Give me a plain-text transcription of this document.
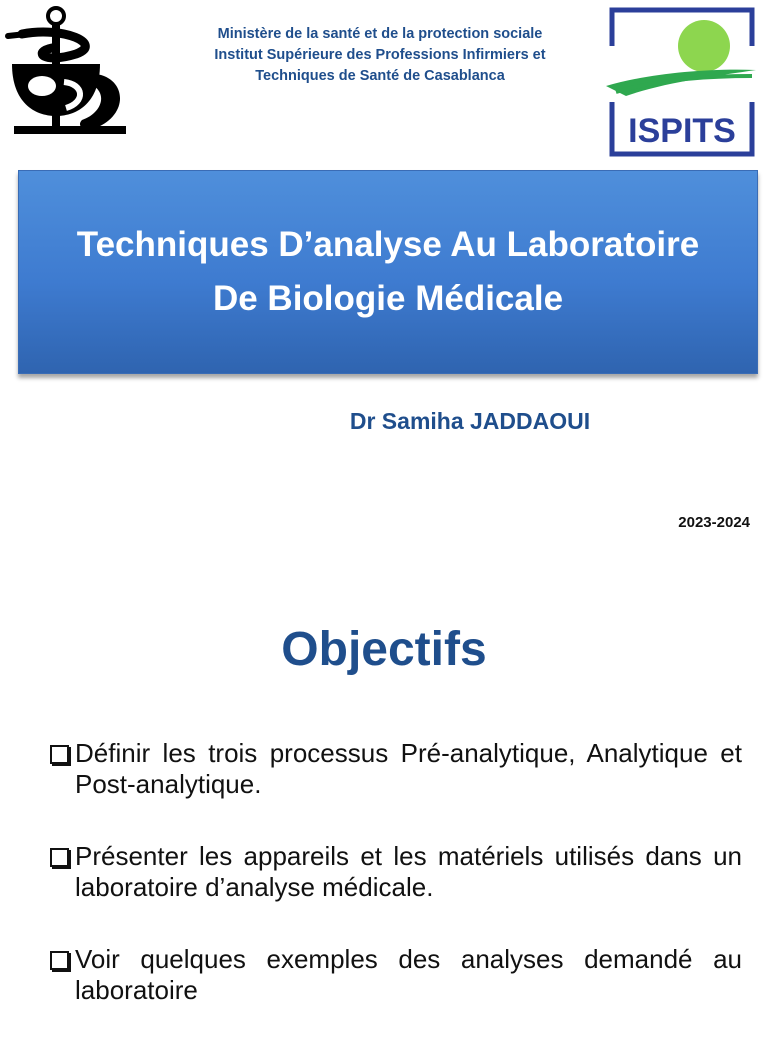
Ministère de la santé et de la protection sociale
Institut Supérieure des Professions Infirmiers et
Techniques de Santé de Casablanca
ISPITS
Techniques D’analyse Au Laboratoire
De Biologie Médicale
Dr Samiha JADDAOUI
2023-2024
Objectifs
Définir les trois processus Pré-analytique, Analytique et Post-analytique.
Présenter les appareils et les matériels utilisés dans un laboratoire d’analyse médicale.
Voir quelques exemples des analyses demandé au laboratoire
